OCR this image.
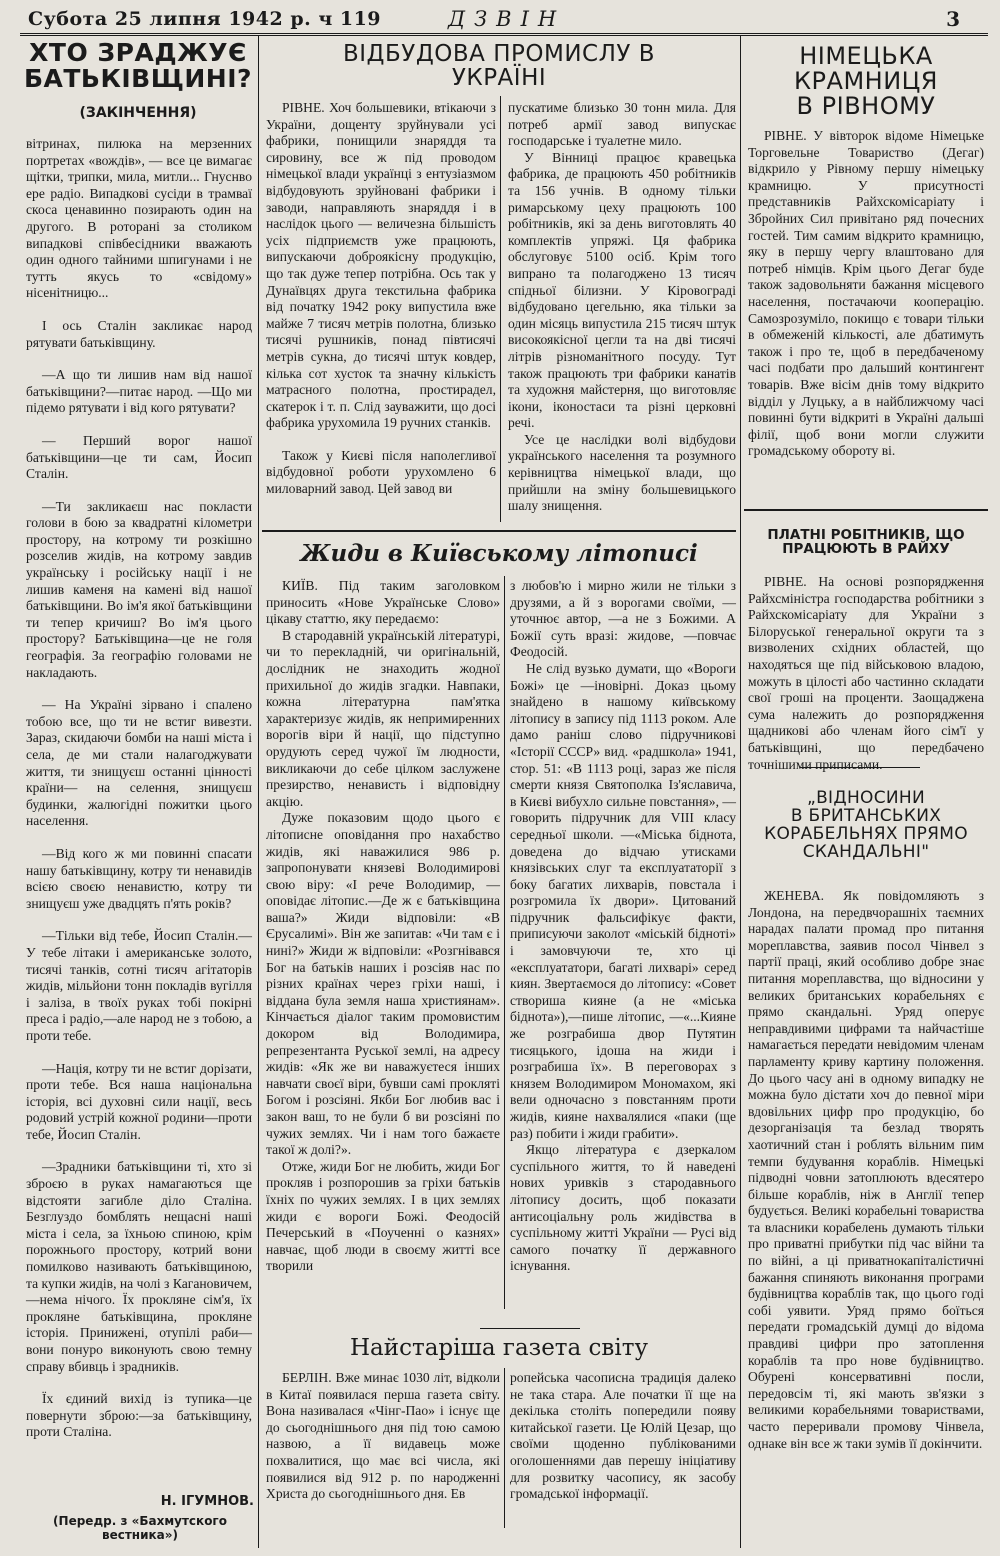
Субота 25 липня 1942 р. ч 119	ДЗВІН	3
ХТО ЗРАДЖУЄ
БАТЬКІВЩИНІ?
(ЗАКІНЧЕННЯ)

вітринах, пилюка на мерзенних портретах «вождів», — все це вимагає щітки, трипки, мила, митли... Гнуснво ере радіо. Випадкові сусіди в трамваї скоса ценавинно позирають один на другого. В роторані за столиком випадкові співбесідники вважають один одного тайними шпигунами і не тутть якусь то «свідому» нісенітницю...

І ось Сталін закликає народ рятувати батьківщину.

—А що ти лишив нам від нашої батьківщини?—питає народ. —Що ми підемо рятувати і від кого рятувати?

— Перший ворог нашої батьківщини—це ти сам, Йосип Сталін.

—Ти закликаєш нас покласти голови в бою за квадратні кілометри простору, на котрому ти розкішно розселив жидів, на котрому завдив українську і російську нації і не лишив каменя на камені від нашої батьківщини. Во ім'я якої батьківщини ти тепер кричиш? Во ім'я цього простору? Батьківщина—це не голя географія. За географію головами не накладають.

— На Україні зірвано і спалено тобою все, що ти не встиг вивезти. Зараз, скидаючи бомби на наші міста і села, де ми стали налагоджувати життя, ти знищуєш останні цінності країни— на селення, знищуєш будинки, жалюгідні пожитки цього населення.

—Від кого ж ми повинні спасати нашу батьківщину, котру ти ненавидів всією своєю ненавистю, котру ти знищуєш уже двадцять п'ять років?

—Тільки від тебе, Йосип Сталін.—У тебе літаки і американське золото, тисячі танків, сотні тисяч агітаторів жидів, мільйони тонн покладів вугілля і заліза, в твоїх руках тобі покірні преса і радіо,—але народ не з тобою, а проти тебе.

—Нація, котру ти не встиг дорізати, проти тебе. Вся наша національна історія, всі духовні сили нації, весь родовий устрій кожної родини—проти тебе, Йосип Сталін.

—Зрадники батьківщини ті, хто зі зброєю в руках намагаються ще відстояти загибле діло Сталіна. Безглуздо бомблять нещасні наші міста і села, за їхньою спиною, крім порожнього простору, котрий вони помилково називають батьківщиною, та купки жидів, на чолі з Кагановичем,—нема нічого. Їх прокляне сім'я, їх прокляне батьківщина, прокляне історія. Принижені, отупілі раби—вони понуро виконують свою темну справу вбивць і зрадників.

Їх єдиний вихід із тупика—це повернути зброю:—за батьківщину, проти Сталіна.

Н. ІГУМНОВ.
(Передр. з «Бахмутского вестника»)
ВІДБУДОВА ПРОМИСЛУ В
УКРАЇНІ

РІВНЕ. Хоч большевики, втікаючи з України, дощенту зруйнували усі фабрики, понищили знаряддя та сировину, все ж під проводом німецької влади українці з ентузіазмом відбудовують зруйновані фабрики і заводи, направляють знаряддя і в наслідок цього — величезна більшість усіх підприємств уже працюють, випускаючи доброякісну продукцію, що так дуже тепер потрібна. Ось так у Дунаївцях друга текстильна фабрика від початку 1942 року випустила вже майже 7 тисяч метрів полотна, близько тисячі рушників, понад півтисячі метрів сукна, до тисячі штук ковдер, кілька сот хусток та значну кількість матрасного полотна, простирадел, скатерок і т. п. Слід зауважити, що досі фабрика уруxомила 19 ручних станків.

Також у Києві після наполегливої відбудовної роботи уруxомлено 6 миловарний завод. Цей завод ви

пускатиме близько 30 тонн мила. Для потреб армії завод випускає господарське і туалетне мило.

У Вінниці працює кравецька фабрика, де працюють 450 робітників та 156 учнів. В одному тільки римарському цеху працюють 100 робітників, які за день виготовлять 40 комплектів упряжі. Ця фабрика обслуговує 5100 осіб. Крім того випрано та полагоджено 13 тисяч спідньої білизни. У Кіровограді відбудовано цегельню, яка тільки за один місяць випустила 215 тисяч штук високоякісної цегли та на дві тисячі літрів різноманітного посуду. Тут також працюють три фабрики канатів та художня майстерня, що виготовляє ікони, іконостаси та різні церковні речі.

Усе це наслідки волі відбудови українського населення та розумного керівництва німецької влади, що прийшли на зміну большевицького шалу знищення.

Жиди в Київському літописі

КИЇВ. Під таким заголовком приносить «Нове Українське Слово» цікаву статтю, яку передаємо:

В стародавній українській літературі, чи то перекладній, чи оригінальній, дослідник не знаходить жодної прихильної до жидів згадки. Навпаки, кожна літературна пам'ятка характеризує жидів, як непримиренних ворогів віри й нації, що підступно орудують серед чужої їм людности, викликаючи до себе цілком заслужене презирство, ненависть і відповідну акцію.

Дуже показовим щодо цього є літописне оповідання про нахабство жидів, які наважилися 986 р. запропонувати князеві Володимирові свою віру: «І рече Володимир, —оповідає літопис.—Де ж є батьківщина ваша?» Жиди відповіли: «В Єрусалимі». Він же запитав: «Чи там є і нині?» Жиди ж відповіли: «Розгнівався Бог на батьків наших і розсіяв нас по різних країнах через гріхи наші, і віддана була земля наша християнам». Кінчається діалог таким промовистим докором від Володимира, репрезентанта Руської землі, на адресу жидів: «Як же ви наважуєтеся інших навчати своєї віри, бувши самі прокляті Богом і розсіяні. Якби Бог любив вас і закон ваш, то не були б ви розсіяні по чужих землях. Чи і нам того бажаєте такої ж долі?».

Отже, жиди Бог не любить, жиди Бог прокляв і розпорошив за гріхи батьків їхніх по чужих землях. І в цих землях жиди є вороги Божі. Феодосій Печерський в «Поученні о казнях» навчає, щоб люди в своєму житті все творили

з любов'ю і мирно жили не тільки з друзями, а й з ворогами своїми, —уточнює автор, —а не з Божими. А Божії суть вразі: жидове, —повчає Феодосій.

Не слід вузько думати, що «Вороги Божі» це —іновірні. Доказ цьому знайдено в нашому київському літопису в запису під 1113 роком. Але дамо раніш слово підручникові «Історії СССР» вид. «радшкола» 1941, стор. 51: «В 1113 році, зараз же після смерти князя Святополка Із'яславича, в Києві вибухло сильне повстання», —говорить підручник для VIII класу середньої школи. —«Міська біднота, доведена до відчаю утисками князівських слуг та експлуататорії з боку багатих лихварів, повстала і розгромила їх двори». Цитований підручник фальсифікує факти, приписуючи заколот «міській бідноті» і замовчуючи те, хто ці «експлуататори, багаті лихварі» серед киян. Звертаємося до літопису: «Совет створиша кияне (а не «міська біднота»),—пише літопис, —«...Кияне же розграбиша двор Путятин тисяцького, ідоша на жиди і розграбиша їх». В переговорах з князем Володимиром Мономахом, які вели одночасно з повстанням проти жидів, кияне нахвалялися «паки (ще раз) побити і жиди грабити».

Якщо література є дзеркалом суспільного життя, то й наведені нових уривків з стародавнього літопису досить, щоб показати антисоціальну роль жидівства в суспільному житті України — Русі від самого початку її державного існування.

Найстаріша газета світу

БЕРЛІН. Вже минає 1030 літ, відколи в Китаї появилася перша газета світу. Вона називалася «Чінг-Пао» і існує ще до сьогоднішнього дня під тою самою назвою, а її видавець може похвалитися, що має всі числа, які появилися від 912 р. по народженні Христа до сьогоднішнього дня. Ев

ропейська часописна традиція далеко не така стара. Але початки її ще на декілька століть попередили появу китайської газети. Це Юлій Цезар, що своїми щоденно публікованими оголошеннями дав перешу ініціативу для розвитку часопису, як засобу громадської інформації.

НІМЕЦЬКА
КРАМНИЦЯ
В РІВНОМУ

РІВНЕ. У вівторок відоме Німецьке Торговельне Товариство (Дегаг) відкрило у Рівному першу німецьку крамницю. У присутності представників Райхскомісаріату і Збройних Сил привітано ряд почесних гостей. Тим самим відкрито крамницю, яку в першу чергу влаштовано для потреб німців. Крім цього Дегаг буде також задовольняти бажання місцевого населення, постачаючи кооперацію. Самозрозуміло, покищо є товари тільки в обмеженій кількості, але дбатимуть також і про те, щоб в передбаченому часі подбати про дальший контингент товарів. Вже вісім днів тому відкрито відділ у Луцьку, а в найближчому часі повинні бути відкриті в Україні дальші філії, щоб вони могли служити громадському обороту ві.

ПЛАТНІ РОБІТНИКІВ, ЩО
ПРАЦЮЮТЬ В РАЙХУ

РІВНЕ. На основі розпорядження Райхсміністра господарства робітники з Райхскомісаріату для України з Білоруської генеральної округи та з визволених східних областей, що находяться ще під військовою владою, можуть в цілості або частинно складати свої гроші на проценти. Заощаджена сума належить до розпорядження щадникові або членам його сім'ї у батьківщині, що передбачено точнішими приписами.

„ВІДНОСИНИ
В БРИТАНСЬКИХ
КОРАБЕЛЬНЯХ ПРЯМО
СКАНДАЛЬНІ"

ЖЕНЕВА. Як повідомляють з Лондона, на передвчорашніх таємних нарадах палати промад про питання мореплавства, заявив посол Чінвел з партії праці, який особливо добре знає питання мореплавства, що відносини у великих британських корабельнях є прямо скандальні. Уряд оперує неправдивими цифрами та найчастіше намагається передати невідомим членам парламенту криву картину положення. До цього часу ані в одному випадку не можна було дістати хоч до певної міри вдовільних цифр про продукцію, бо дезорганізація та безлад творять хаотичний стан і роблять вільним пим темпи будування кораблів. Німецькі підводні човни затоплюють вдесятеро більше кораблів, ніж в Англії тепер будується. Великі корабельні товариства та власники корабелень думають тільки про приватні прибутки під час війни та по війні, а ці приватнокапіталістичні бажання спиняють виконання програми будівництва кораблів так, що цього годі собі уявити. Уряд прямо боїться передати громадській думці до відома правдиві цифри про затоплення кораблів та про нове будівництво. Обурені консервативні посли, передовсім ті, які мають зв'язки з великими корабельнями товариствами, часто переривали промову Чінвела, однаке він все ж таки зумів її докінчити.
